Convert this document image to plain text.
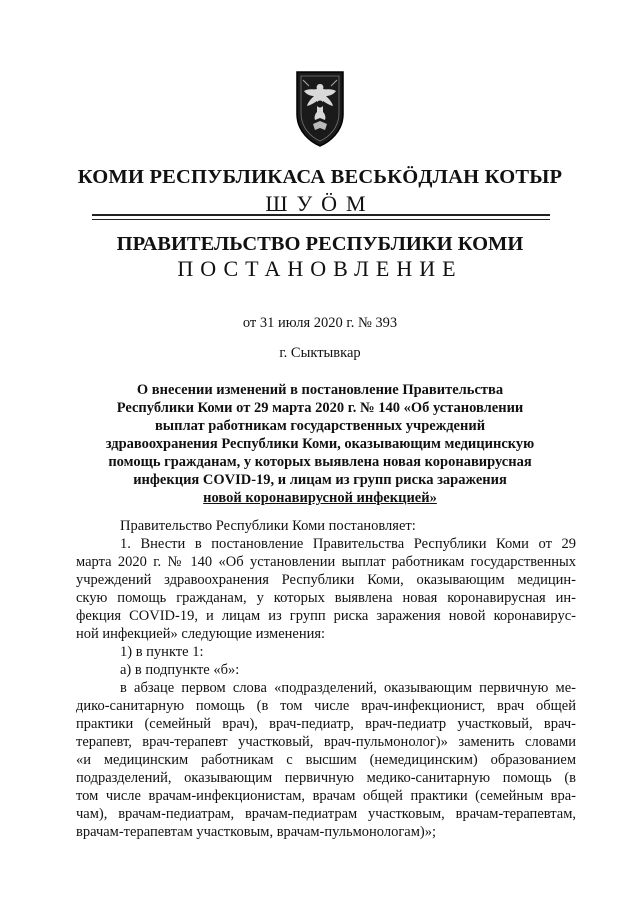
КОМИ РЕСПУБЛИКАСА ВЕСЬКӦДЛАН КОТЫР
ШУӦМ
ПРАВИТЕЛЬСТВО РЕСПУБЛИКИ КОМИ
ПОСТАНОВЛЕНИЕ
от 31 июля 2020 г. № 393
г. Сыктывкар
О внесении изменений в постановление Правительства
Республики Коми от 29 марта 2020 г. № 140 «Об установлении
выплат работникам государственных учреждений
здравоохранения Республики Коми, оказывающим медицинскую
помощь гражданам, у которых выявлена новая коронавирусная
инфекция COVID-19, и лицам из групп риска заражения
новой коронавирусной инфекцией»
Правительство Республики Коми постановляет:
1. Внести в постановление Правительства Республики Коми от 29
марта 2020 г. № 140 «Об установлении выплат работникам государственных
учреждений здравоохранения Республики Коми, оказывающим медицин-
скую помощь гражданам, у которых выявлена новая коронавирусная ин-
фекция COVID-19, и лицам из групп риска заражения новой коронавирус-
ной инфекцией» следующие изменения:
1) в пункте 1:
а) в подпункте «б»:
в абзаце первом слова «подразделений, оказывающим первичную ме-
дико-санитарную помощь (в том числе врач-инфекционист, врач общей
практики (семейный врач), врач-педиатр, врач-педиатр участковый, врач-
терапевт, врач-терапевт участковый, врач-пульмонолог)» заменить словами
«и медицинским работникам с высшим (немедицинским) образованием
подразделений, оказывающим первичную медико-санитарную помощь (в
том числе врачам-инфекционистам, врачам общей практики (семейным вра-
чам), врачам-педиатрам, врачам-педиатрам участковым, врачам-терапевтам,
врачам-терапевтам участковым, врачам-пульмонологам)»;
